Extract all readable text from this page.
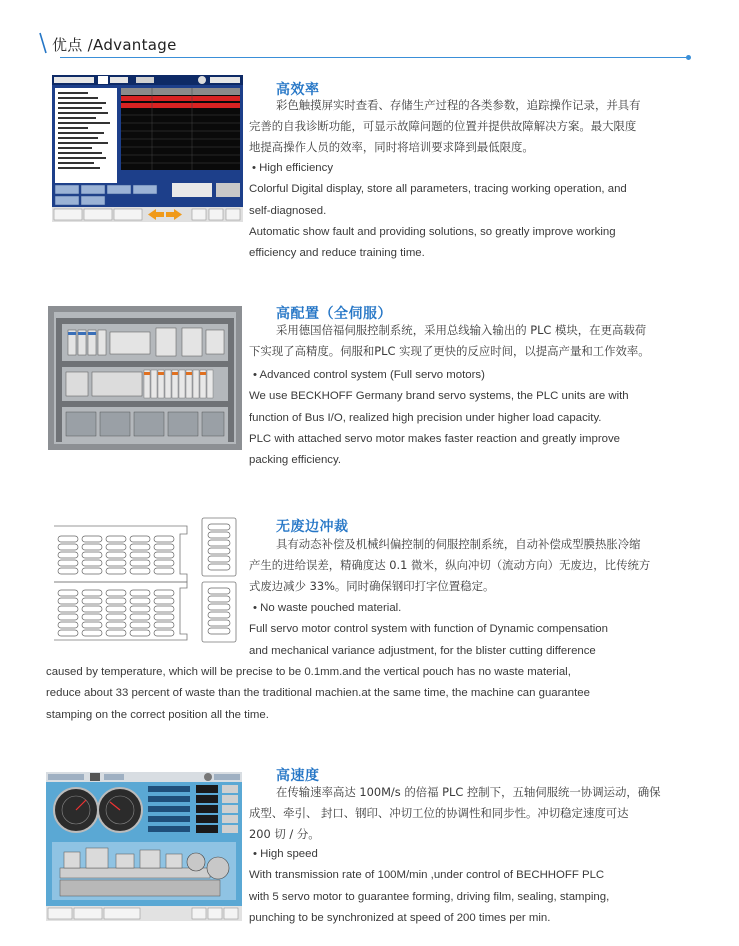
优点 /Advantage
高效率
彩色触摸屏实时查看、存储生产过程的各类参数，追踪操作记录，并具有
完善的自我诊断功能，可显示故障问题的位置并提供故障解决方案。最大限度
地提高操作人员的效率，同时将培训要求降到最低限度。
• High efficiency
Colorful Digital display, store all parameters, tracing working operation, and
self-diagnosed.
Automatic show fault and providing solutions, so greatly improve working
efficiency and reduce training time.
高配置（全伺服）
采用德国倍福伺服控制系统，采用总线输入输出的 PLC 模块，在更高载荷
下实现了高精度。伺服和PLC 实现了更快的反应时间，以提高产量和工作效率。
• Advanced control system (Full servo motors)
We use BECKHOFF Germany brand servo systems, the PLC units are with
function of Bus I/O, realized high precision under higher load capacity.
PLC with attached servo motor makes faster reaction and greatly improve
packing efficiency.
无废边冲裁
具有动态补偿及机械纠偏控制的伺服控制系统，自动补偿成型膜热胀冷缩
产生的进给误差，精确度达 0.1 微米，纵向冲切（流动方向）无废边，比传统方
式废边减少 33%。同时确保钢印打字位置稳定。
• No waste pouched material.
Full servo motor control system with function of Dynamic compensation
and mechanical variance adjustment, for the blister cutting difference
caused by temperature, which will be precise to be 0.1mm.and the vertical pouch has no waste material,
reduce about 33 percent of waste than the traditional machien.at the same time, the machine can guarantee
stamping on the correct position all the time.
高速度
在传输速率高达 100M/s 的倍福 PLC 控制下，五轴伺服统一协调运动，确保
成型、牵引、 封口、钢印、冲切工位的协调性和同步性。冲切稳定速度可达
200 切 / 分。
• High speed
With transmission rate of 100M/min ,under control of BECHHOFF PLC
with 5 servo motor to guarantee forming, driving film, sealing, stamping,
punching to be synchronized at speed of 200 times per min.
